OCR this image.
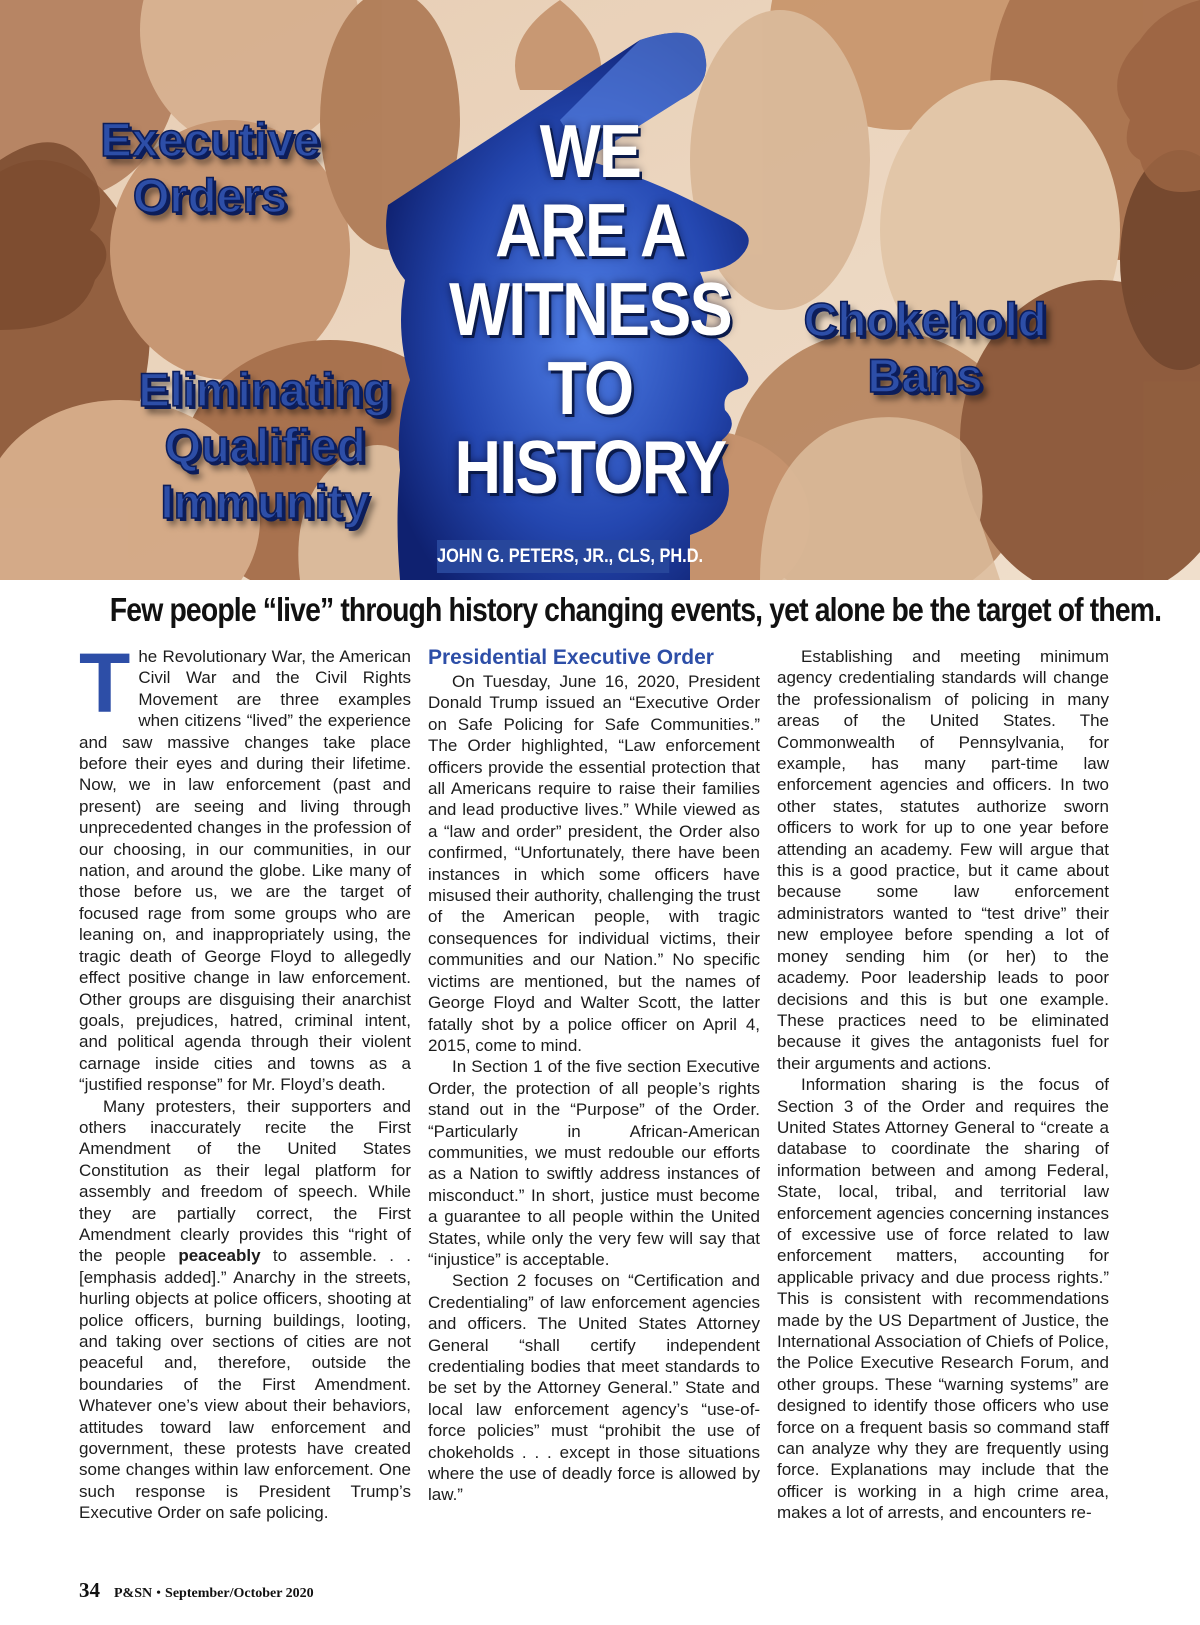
WE
ARE A
WITNESS
TO
HISTORY
Executive
Orders
Eliminating
Qualified
Immunity
Chokehold
Bans
JOHN G. PETERS, JR., CLS, PH.D.
Few people “live” through history changing events, yet alone be the target of them.

The Revolutionary War, the American Civil War and the Civil Rights Movement are three examples when citizens “lived” the experience and saw massive changes take place before their eyes and during their lifetime. Now, we in law enforcement (past and present) are seeing and living through unprecedented changes in the profession of our choosing, in our communities, in our nation, and around the globe. Like many of those before us, we are the target of focused rage from some groups who are leaning on, and inappropriately using, the tragic death of George Floyd to allegedly effect positive change in law enforcement. Other groups are disguising their anarchist goals, prejudices, hatred, criminal intent, and political agenda through their violent carnage inside cities and towns as a “justified response” for Mr. Floyd’s death.

Many protesters, their supporters and others inaccurately recite the First Amendment of the United States Constitution as their legal platform for assembly and freedom of speech. While they are partially correct, the First Amendment clearly provides this “right of the people peaceably to assemble. . . [emphasis added].” Anarchy in the streets, hurling objects at police officers, shooting at police officers, burning buildings, looting, and taking over sections of cities are not peaceful and, therefore, outside the boundaries of the First Amendment. Whatever one’s view about their behaviors, attitudes toward law enforcement and government, these protests have created some changes within law enforcement. One such response is President Trump’s Executive Order on safe policing.

Presidential Executive Order

On Tuesday, June 16, 2020, President Donald Trump issued an “Executive Order on Safe Policing for Safe Communities.” The Order highlighted, “Law enforcement officers provide the essential protection that all Americans require to raise their families and lead productive lives.” While viewed as a “law and order” president, the Order also confirmed, “Unfortunately, there have been instances in which some officers have misused their authority, challenging the trust of the American people, with tragic consequences for individual victims, their communities and our Nation.” No specific victims are mentioned, but the names of George Floyd and Walter Scott, the latter fatally shot by a police officer on April 4, 2015, come to mind.

In Section 1 of the five section Executive Order, the protection of all people’s rights stand out in the “Purpose” of the Order. “Particularly in African-American communities, we must redouble our efforts as a Nation to swiftly address instances of misconduct.” In short, justice must become a guarantee to all people within the United States, while only the very few will say that “injustice” is acceptable.

Section 2 focuses on “Certification and Credentialing” of law enforcement agencies and officers. The United States Attorney General “shall certify independent credentialing bodies that meet standards to be set by the Attorney General.” State and local law enforcement agency’s “use-of-force policies” must “prohibit the use of chokeholds . . . except in those situations where the use of deadly force is allowed by law.”

Establishing and meeting minimum agency credentialing standards will change the professionalism of policing in many areas of the United States. The Commonwealth of Pennsylvania, for example, has many part-time law enforcement agencies and officers. In two other states, statutes authorize sworn officers to work for up to one year before attending an academy. Few will argue that this is a good practice, but it came about because some law enforcement administrators wanted to “test drive” their new employee before spending a lot of money sending him (or her) to the academy. Poor leadership leads to poor decisions and this is but one example. These practices need to be eliminated because it gives the antagonists fuel for their arguments and actions.

Information sharing is the focus of Section 3 of the Order and requires the United States Attorney General to “create a database to coordinate the sharing of information between and among Federal, State, local, tribal, and territorial law enforcement agencies concerning instances of excessive use of force related to law enforcement matters, accounting for applicable privacy and due process rights.” This is consistent with recommendations made by the US Department of Justice, the International Association of Chiefs of Police, the Police Executive Research Forum, and other groups. These “warning systems” are designed to identify those officers who use force on a frequent basis so command staff can analyze why they are frequently using force. Explanations may include that the officer is working in a high crime area, makes a lot of arrests, and encounters re-

34 P&SN • September/October 2020
